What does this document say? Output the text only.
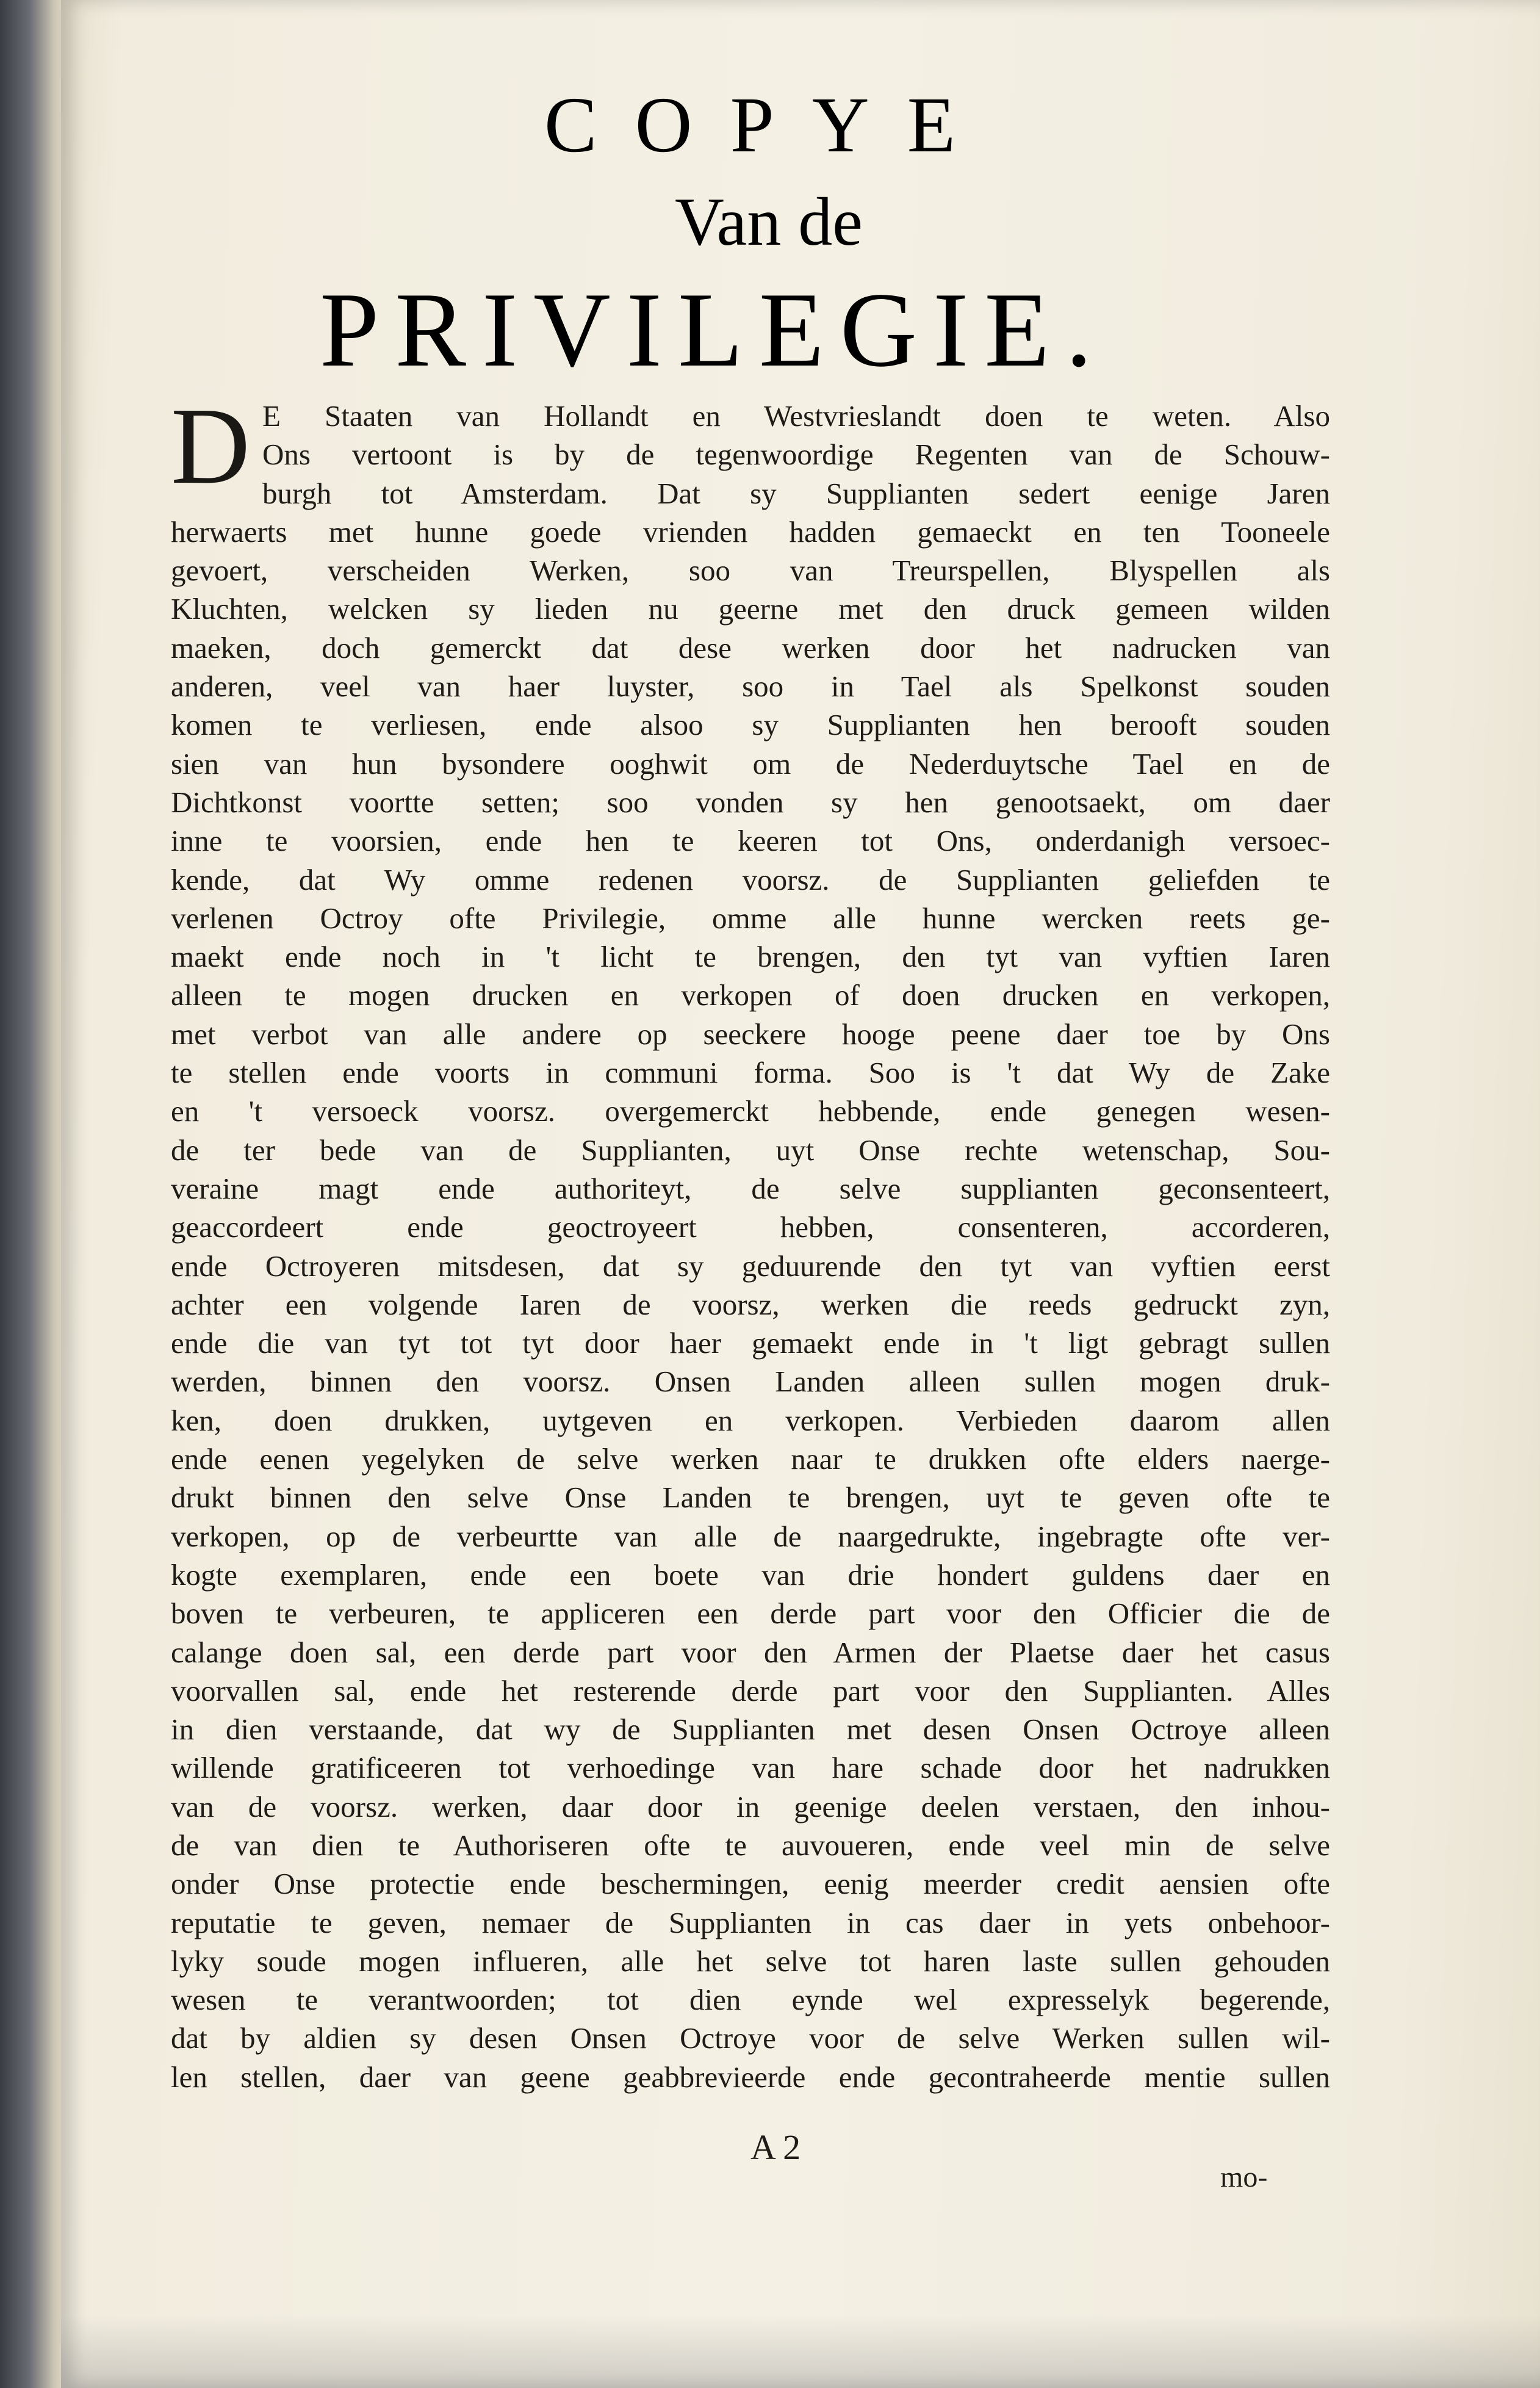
COPYE
Van de
PRIVILEGIE.
D E Staaten van Hollandt en Westvrieslandt doen te weten. Also
Ons vertoont is by de tegenwoordige Regenten van de Schouw-
burgh tot Amsterdam. Dat sy Supplianten sedert eenige Jaren
herwaerts met hunne goede vrienden hadden gemaeckt en ten Tooneele
gevoert, verscheiden Werken, soo van Treurspellen, Blyspellen als
Kluchten, welcken sy lieden nu geerne met den druck gemeen wilden
maeken, doch gemerckt dat dese werken door het nadrucken van
anderen, veel van haer luyster, soo in Tael als Spelkonst souden
komen te verliesen, ende alsoo sy Supplianten hen berooft souden
sien van hun bysondere ooghwit om de Nederduytsche Tael en de
Dichtkonst voortte setten; soo vonden sy hen genootsaekt, om daer
inne te voorsien, ende hen te keeren tot Ons, onderdanigh versoec-
kende, dat Wy omme redenen voorsz. de Supplianten geliefden te
verlenen Octroy ofte Privilegie, omme alle hunne wercken reets ge-
maekt ende noch in 't licht te brengen, den tyt van vyftien Iaren
alleen te mogen drucken en verkopen of doen drucken en verkopen,
met verbot van alle andere op seeckere hooge peene daer toe by Ons
te stellen ende voorts in communi forma. Soo is 't dat Wy de Zake
en 't versoeck voorsz. overgemerckt hebbende, ende genegen wesen-
de ter bede van de Supplianten, uyt Onse rechte wetenschap, Sou-
veraine magt ende authoriteyt, de selve supplianten geconsenteert,
geaccordeert ende geoctroyeert hebben, consenteren, accorderen,
ende Octroyeren mitsdesen, dat sy geduurende den tyt van vyftien eerst
achter een volgende Iaren de voorsz, werken die reeds gedruckt zyn,
ende die van tyt tot tyt door haer gemaekt ende in 't ligt gebragt sullen
werden, binnen den voorsz. Onsen Landen alleen sullen mogen druk-
ken, doen drukken, uytgeven en verkopen. Verbieden daarom allen
ende eenen yegelyken de selve werken naar te drukken ofte elders naerge-
drukt binnen den selve Onse Landen te brengen, uyt te geven ofte te
verkopen, op de verbeurtte van alle de naargedrukte, ingebragte ofte ver-
kogte exemplaren, ende een boete van drie hondert guldens daer en
boven te verbeuren, te appliceren een derde part voor den Officier die de
calange doen sal, een derde part voor den Armen der Plaetse daer het casus
voorvallen sal, ende het resterende derde part voor den Supplianten. Alles
in dien verstaande, dat wy de Supplianten met desen Onsen Octroye alleen
willende gratificeeren tot verhoedinge van hare schade door het nadrukken
van de voorsz. werken, daar door in geenige deelen verstaen, den inhou-
de van dien te Authoriseren ofte te auvoueren, ende veel min de selve
onder Onse protectie ende beschermingen, eenig meerder credit aensien ofte
reputatie te geven, nemaer de Supplianten in cas daer in yets onbehoor-
lyky soude mogen influeren, alle het selve tot haren laste sullen gehouden
wesen te verantwoorden; tot dien eynde wel expresselyk begerende,
dat by aldien sy desen Onsen Octroye voor de selve Werken sullen wil-
len stellen, daer van geene geabbrevieerde ende gecontraheerde mentie sullen
A 2
mo-
